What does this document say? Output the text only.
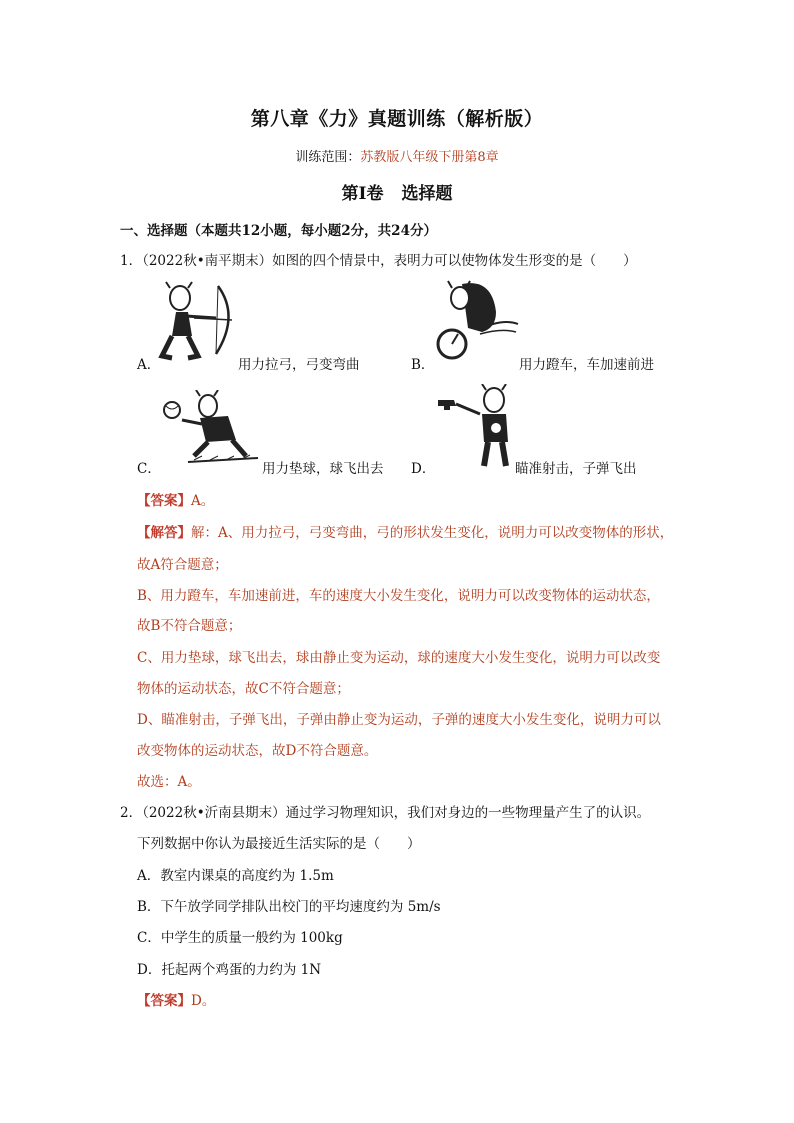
第八章《力》真题训练（解析版）
训练范围：苏教版八年级下册第8章
第Ⅰ卷 选择题
一、选择题（本题共12小题，每小题2分，共24分）
1．（2022秋•南平期末）如图的四个情景中，表明力可以使物体发生形变的是（　　）
A．	用力拉弓，弓变弯曲	B．	用力蹬车，车加速前进
C．	用力垫球，球飞出去 D．	瞄准射击，子弹飞出
【答案】A。
【解答】解：A、用力拉弓，弓变弯曲，弓的形状发生变化，说明力可以改变物体的形状，
故A符合题意；
B、用力蹬车，车加速前进，车的速度大小发生变化，说明力可以改变物体的运动状态，
故B不符合题意；
C、用力垫球，球飞出去，球由静止变为运动，球的速度大小发生变化，说明力可以改变
物体的运动状态，故C不符合题意；
D、瞄准射击，子弹飞出，子弹由静止变为运动，子弹的速度大小发生变化，说明力可以
改变物体的运动状态，故D不符合题意。
故选：A。
2．（2022秋•沂南县期末）通过学习物理知识，我们对身边的一些物理量产生了的认识。
下列数据中你认为最接近生活实际的是（　　）
A．教室内课桌的高度约为 1.5m
B．下午放学同学排队出校门的平均速度约为 5m/s
C．中学生的质量一般约为 100kg
D．托起两个鸡蛋的力约为 1N
【答案】D。
